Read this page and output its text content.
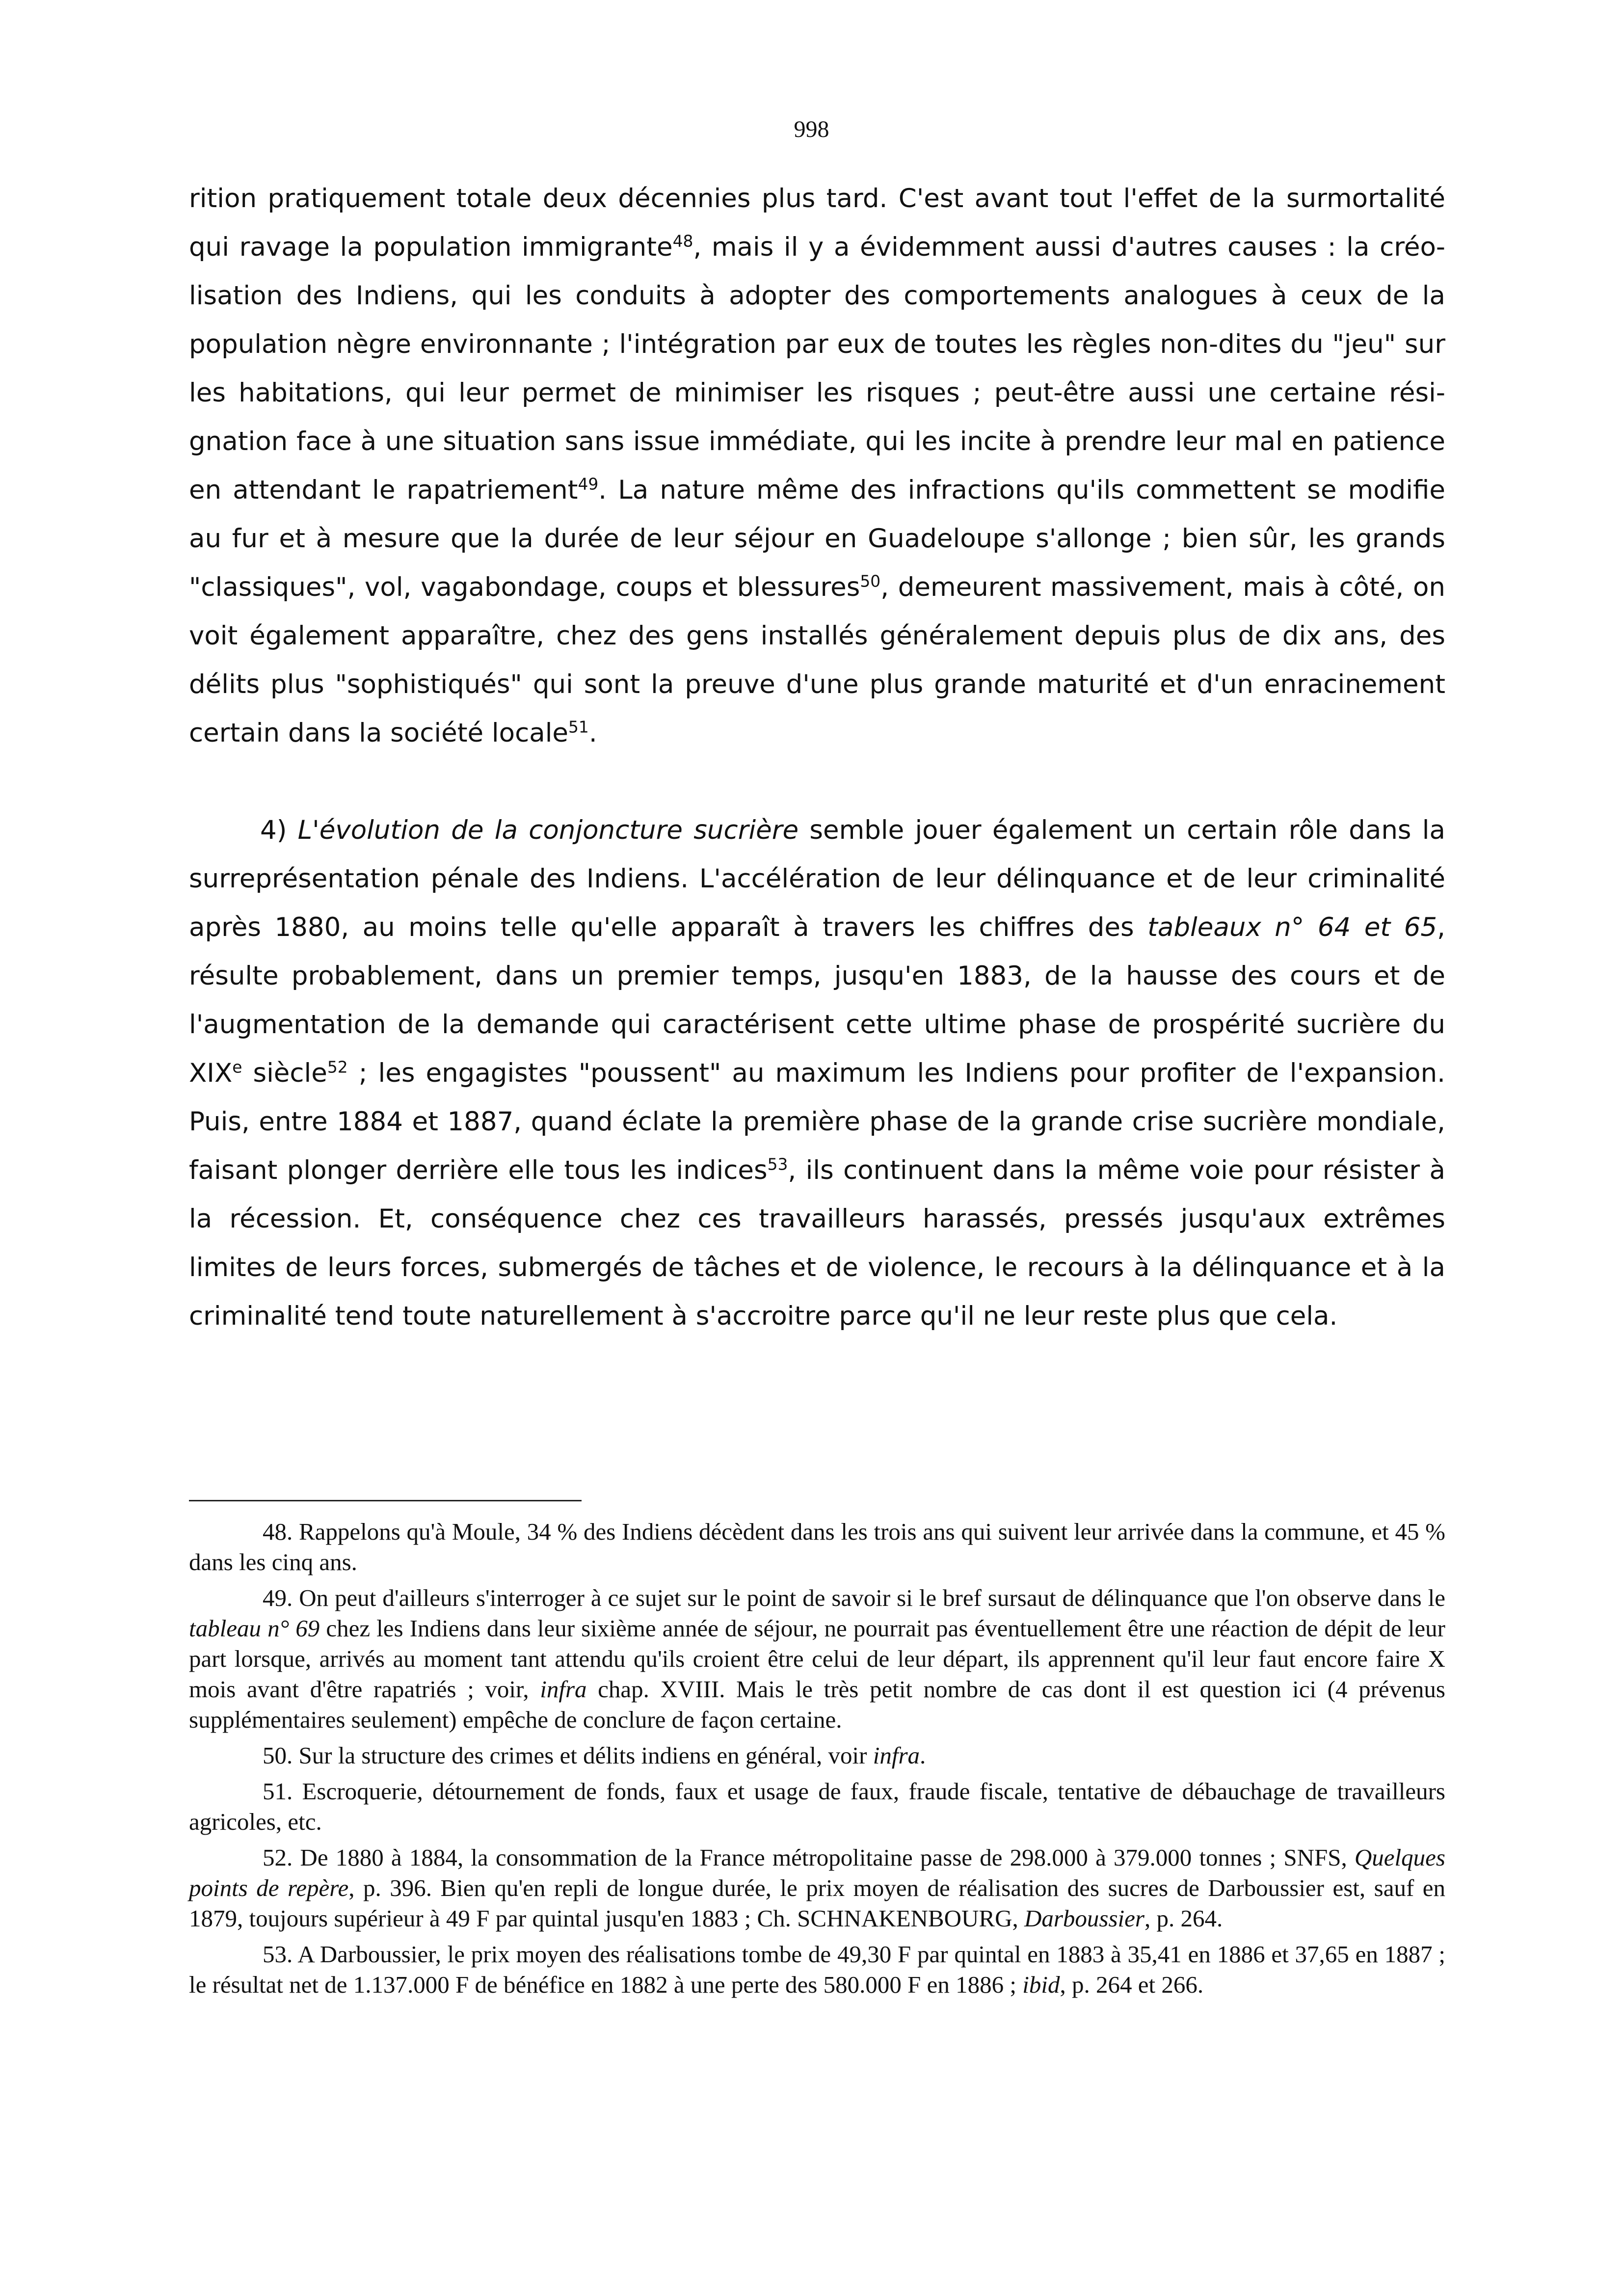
998

rition pratiquement totale deux décennies plus tard. C'est avant tout l'effet de la surmortalité qui ravage la population immigrante$^{48}$, mais il y a évidemment aussi d'autres causes : la créolisation des Indiens, qui les conduits à adopter des comportements analogues à ceux de la population nègre environnante ; l'intégration par eux de toutes les règles non-dites du "jeu" sur les habitations, qui leur permet de minimiser les risques ; peut-être aussi une certaine résignation face à une situation sans issue immédiate, qui les incite à prendre leur mal en patience en attendant le rapatriement$^{49}$. La nature même des infractions qu'ils commettent se modifie au fur et à mesure que la durée de leur séjour en Guadeloupe s'allonge ; bien sûr, les grands "classiques", vol, vagabondage, coups et blessures$^{50}$, demeurent massivement, mais à côté, on voit également apparaître, chez des gens installés généralement depuis plus de dix ans, des délits plus "sophistiqués" qui sont la preuve d'une plus grande maturité et d'un enracinement certain dans la société locale$^{51}$.

4) L'évolution de la conjoncture sucrière semble jouer également un certain rôle dans la surreprésentation pénale des Indiens. L'accélération de leur délinquance et de leur criminalité après 1880, au moins telle qu'elle apparaît à travers les chiffres des tableaux n° 64 et 65, résulte probablement, dans un premier temps, jusqu'en 1883, de la hausse des cours et de l'augmentation de la demande qui caractérisent cette ultime phase de prospérité sucrière du XIXe siècle$^{52}$ ; les engagistes "poussent" au maximum les Indiens pour profiter de l'expansion. Puis, entre 1884 et 1887, quand éclate la première phase de la grande crise sucrière mondiale, faisant plonger derrière elle tous les indices$^{53}$, ils continuent dans la même voie pour résister à la récession. Et, conséquence chez ces travailleurs harassés, pressés jusqu'aux extrêmes limites de leurs forces, submergés de tâches et de violence, le recours à la délinquance et à la criminalité tend toute naturellement à s'accroitre parce qu'il ne leur reste plus que cela.

48. Rappelons qu'à Moule, 34 % des Indiens décèdent dans les trois ans qui suivent leur arrivée dans la commune, et 45 % dans les cinq ans.

49. On peut d'ailleurs s'interroger à ce sujet sur le point de savoir si le bref sursaut de délinquance que l'on observe dans le tableau n° 69 chez les Indiens dans leur sixième année de séjour, ne pourrait pas éventuellement être une réaction de dépit de leur part lorsque, arrivés au moment tant attendu qu'ils croient être celui de leur départ, ils apprennent qu'il leur faut encore faire X mois avant d'être rapatriés ; voir, infra chap. XVIII. Mais le très petit nombre de cas dont il est question ici (4 prévenus supplémentaires seulement) empêche de conclure de façon certaine.

50. Sur la structure des crimes et délits indiens en général, voir infra.

51. Escroquerie, détournement de fonds, faux et usage de faux, fraude fiscale, tentative de débauchage de travailleurs agricoles, etc.

52. De 1880 à 1884, la consommation de la France métropolitaine passe de 298.000 à 379.000 tonnes ; SNFS, Quelques points de repère, p. 396. Bien qu'en repli de longue durée, le prix moyen de réalisation des sucres de Darboussier est, sauf en 1879, toujours supérieur à 49 F par quintal jusqu'en 1883 ; Ch. SCHNAKENBOURG, Darboussier, p. 264.

53. A Darboussier, le prix moyen des réalisations tombe de 49,30 F par quintal en 1883 à 35,41 en 1886 et 37,65 en 1887 ; le résultat net de 1.137.000 F de bénéfice en 1882 à une perte des 580.000 F en 1886 ; ibid, p. 264 et 266.
